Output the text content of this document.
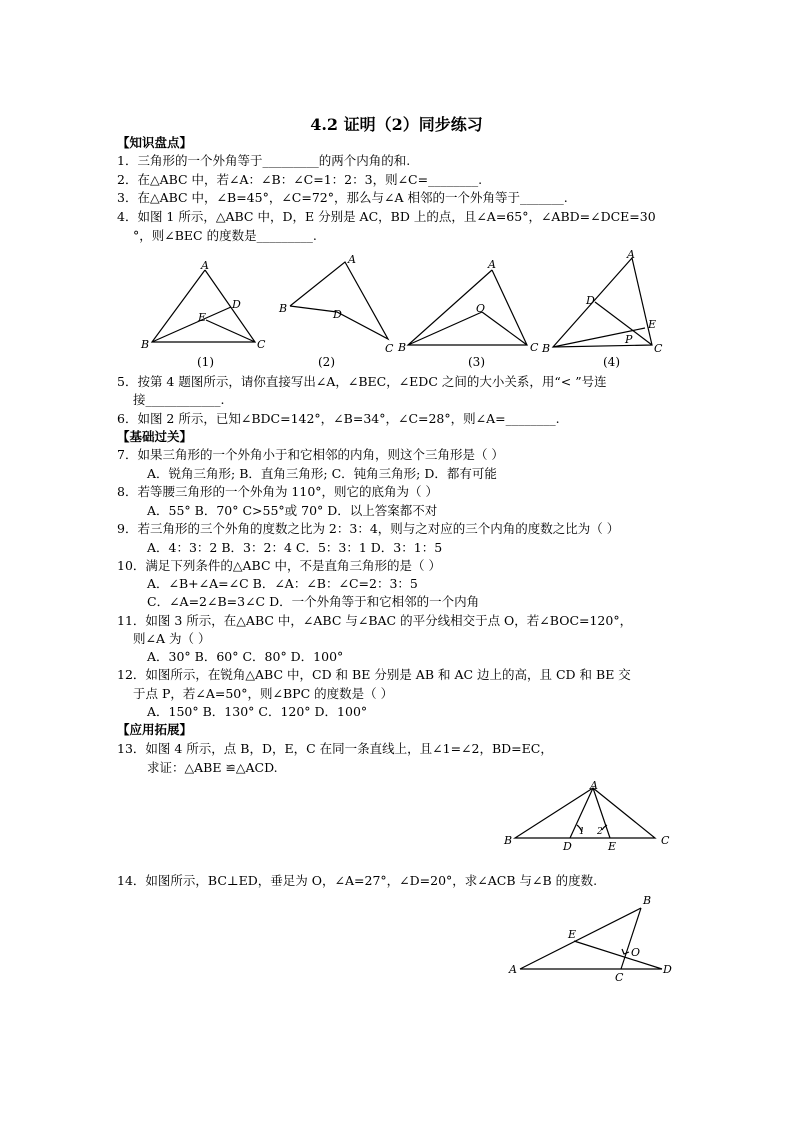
4.2 证明（2）同步练习
【知识盘点】
1．三角形的一个外角等于_________的两个内角的和.
2．在△ABC 中，若∠A：∠B：∠C=1：2：3，则∠C=________.
3．在△ABC 中，∠B=45°，∠C=72°，那么与∠A 相邻的一个外角等于_______.
4．如图 1 所示，△ABC 中，D，E 分别是 AC，BD 上的点，且∠A=65°，∠ABD=∠DCE=30
°，则∠BEC 的度数是_________.
A
B	C
D
E
A
B
C
D
A
B	C
O
A
B	C
D
E
P
(1)	(2)	(3)	(4)
5．按第 4 题图所示，请你直接写出∠A，∠BEC，∠EDC 之间的大小关系，用“< ”号连
接____________.
6．如图 2 所示，已知∠BDC=142°，∠B=34°，∠C=28°，则∠A=________.
【基础过关】
7．如果三角形的一个外角小于和它相邻的内角，则这个三角形是（ ）
A．锐角三角形; B．直角三角形; C．钝角三角形; D．都有可能
8．若等腰三角形的一个外角为 110°，则它的底角为（ ）
A．55° B．70° C>55°或 70° D．以上答案都不对
9．若三角形的三个外角的度数之比为 2：3：4，则与之对应的三个内角的度数之比为（ ）
A．4：3：2 B．3：2：4 C．5：3：1 D．3：1：5
10．满足下列条件的△ABC 中，不是直角三角形的是（ ）
A．∠B+∠A=∠C B．∠A：∠B：∠C=2：3：5
C．∠A=2∠B=3∠C D．一个外角等于和它相邻的一个内角
11．如图 3 所示，在△ABC 中，∠ABC 与∠BAC 的平分线相交于点 O，若∠BOC=120°，
则∠A 为（ ）
A．30° B．60° C．80° D．100°
12．如图所示，在锐角△ABC 中，CD 和 BE 分别是 AB 和 AC 边上的高，且 CD 和 BE 交
于点 P，若∠A=50°，则∠BPC 的度数是（ ）
A．150° B．130° C．120° D．100°
【应用拓展】
13．如图 4 所示，点 B，D，E，C 在同一条直线上，且∠1=∠2，BD=EC，
求证：△ABE ≌△ACD.
A
B	C
D	E
1 2
14．如图所示，BC⊥ED，垂足为 O，∠A=27°，∠D=20°，求∠ACB 与∠B 的度数.
B
A
C
D
E
O
